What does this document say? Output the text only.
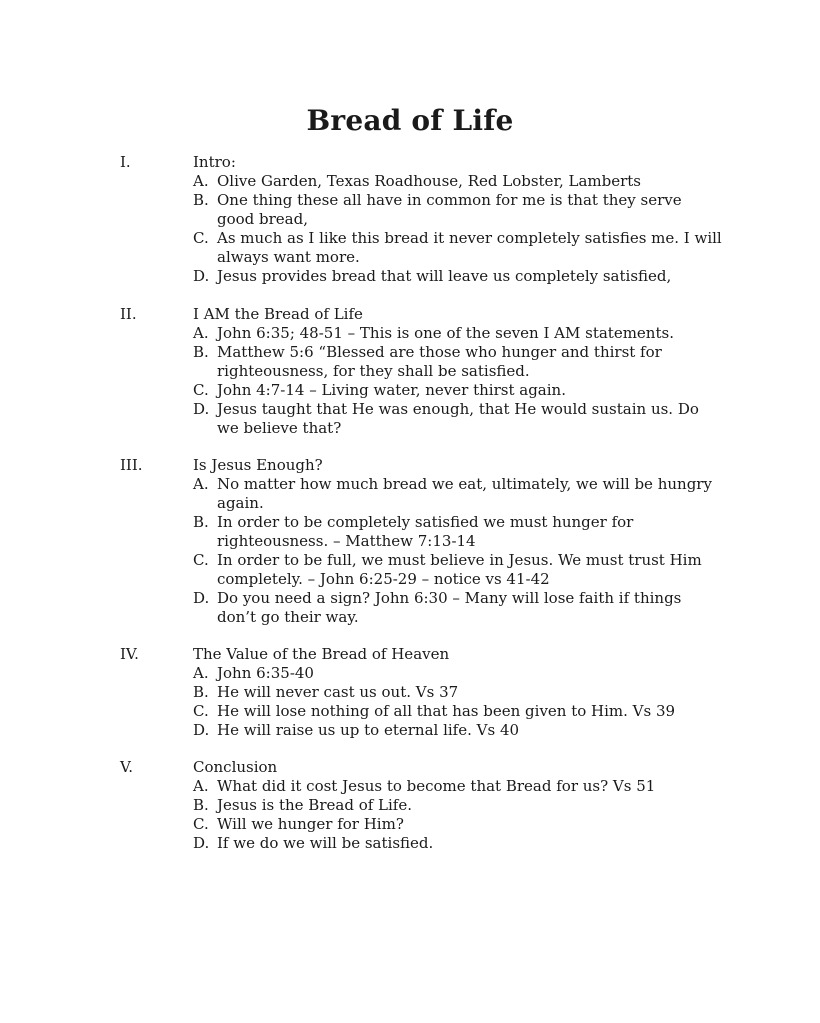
Bread of Life
I.	Intro:
A. Olive Garden, Texas Roadhouse, Red Lobster, Lamberts
B. One thing these all have in common for me is that they serve good bread,
C. As much as I like this bread it never completely satisfies me. I will always want more.
D. Jesus provides bread that will leave us completely satisfied,
II.	I AM the Bread of Life
A. John 6:35; 48-51 – This is one of the seven I AM statements.
B. Matthew 5:6 “Blessed are those who hunger and thirst for righteousness, for they shall be satisfied.
C. John 4:7-14 – Living water, never thirst again.
D. Jesus taught that He was enough, that He would sustain us. Do we believe that?
III.	Is Jesus Enough?
A. No matter how much bread we eat, ultimately, we will be hungry again.
B. In order to be completely satisfied we must hunger for righteousness. – Matthew 7:13-14
C. In order to be full, we must believe in Jesus. We must trust Him completely. – John 6:25-29 – notice vs 41-42
D. Do you need a sign? John 6:30 – Many will lose faith if things don’t go their way.
IV.	The Value of the Bread of Heaven
A. John 6:35-40
B. He will never cast us out. Vs 37
C. He will lose nothing of all that has been given to Him. Vs 39
D. He will raise us up to eternal life. Vs 40
V.	Conclusion
A. What did it cost Jesus to become that Bread for us? Vs 51
B. Jesus is the Bread of Life.
C. Will we hunger for Him?
D. If we do we will be satisfied.
